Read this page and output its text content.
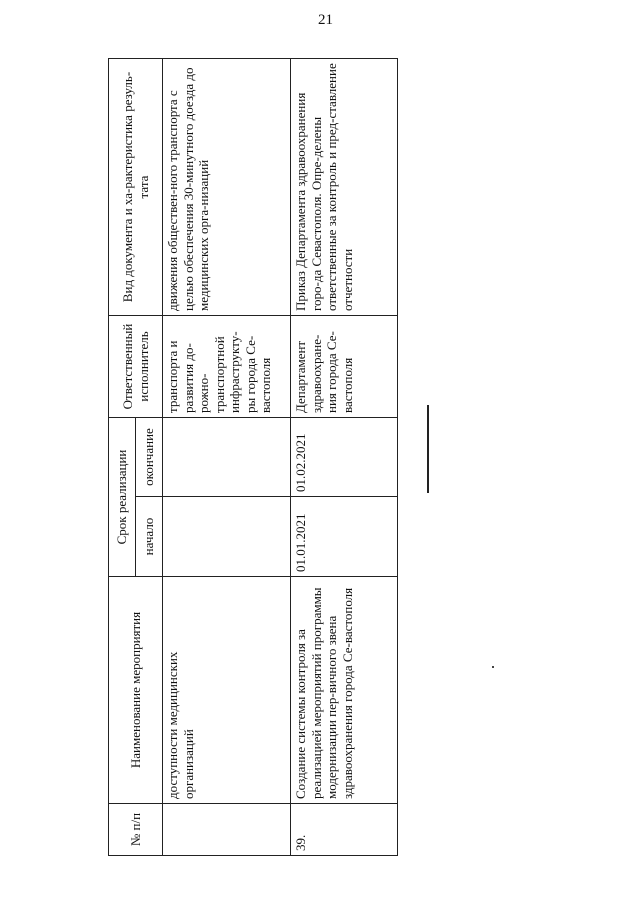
21
№ п/п	Наименование мероприятия	Срок реализации		Ответственный исполнитель	Вид документа и ха-рактеристика резуль-тата
		начало	окончание		
	доступности медицинских организаций			транспорта и развития до-рожно-транспортной инфраструкту-ры города Се-вастополя	движения обществен-ного транспорта с целью обеспечения 30-минутного доезда до медицинских орга-низаций
39.	Создание системы контроля за реализацией мероприятий программы модернизации пер-вичного звена здравоохранения города Се-вастополя	01.01.2021	01.02.2021	Департамент здравоохране-ния города Се-вастополя	Приказ Департамента здравоохранения горо-да Севастополя. Опре-делены ответственные за контроль и пред-ставление отчетности
